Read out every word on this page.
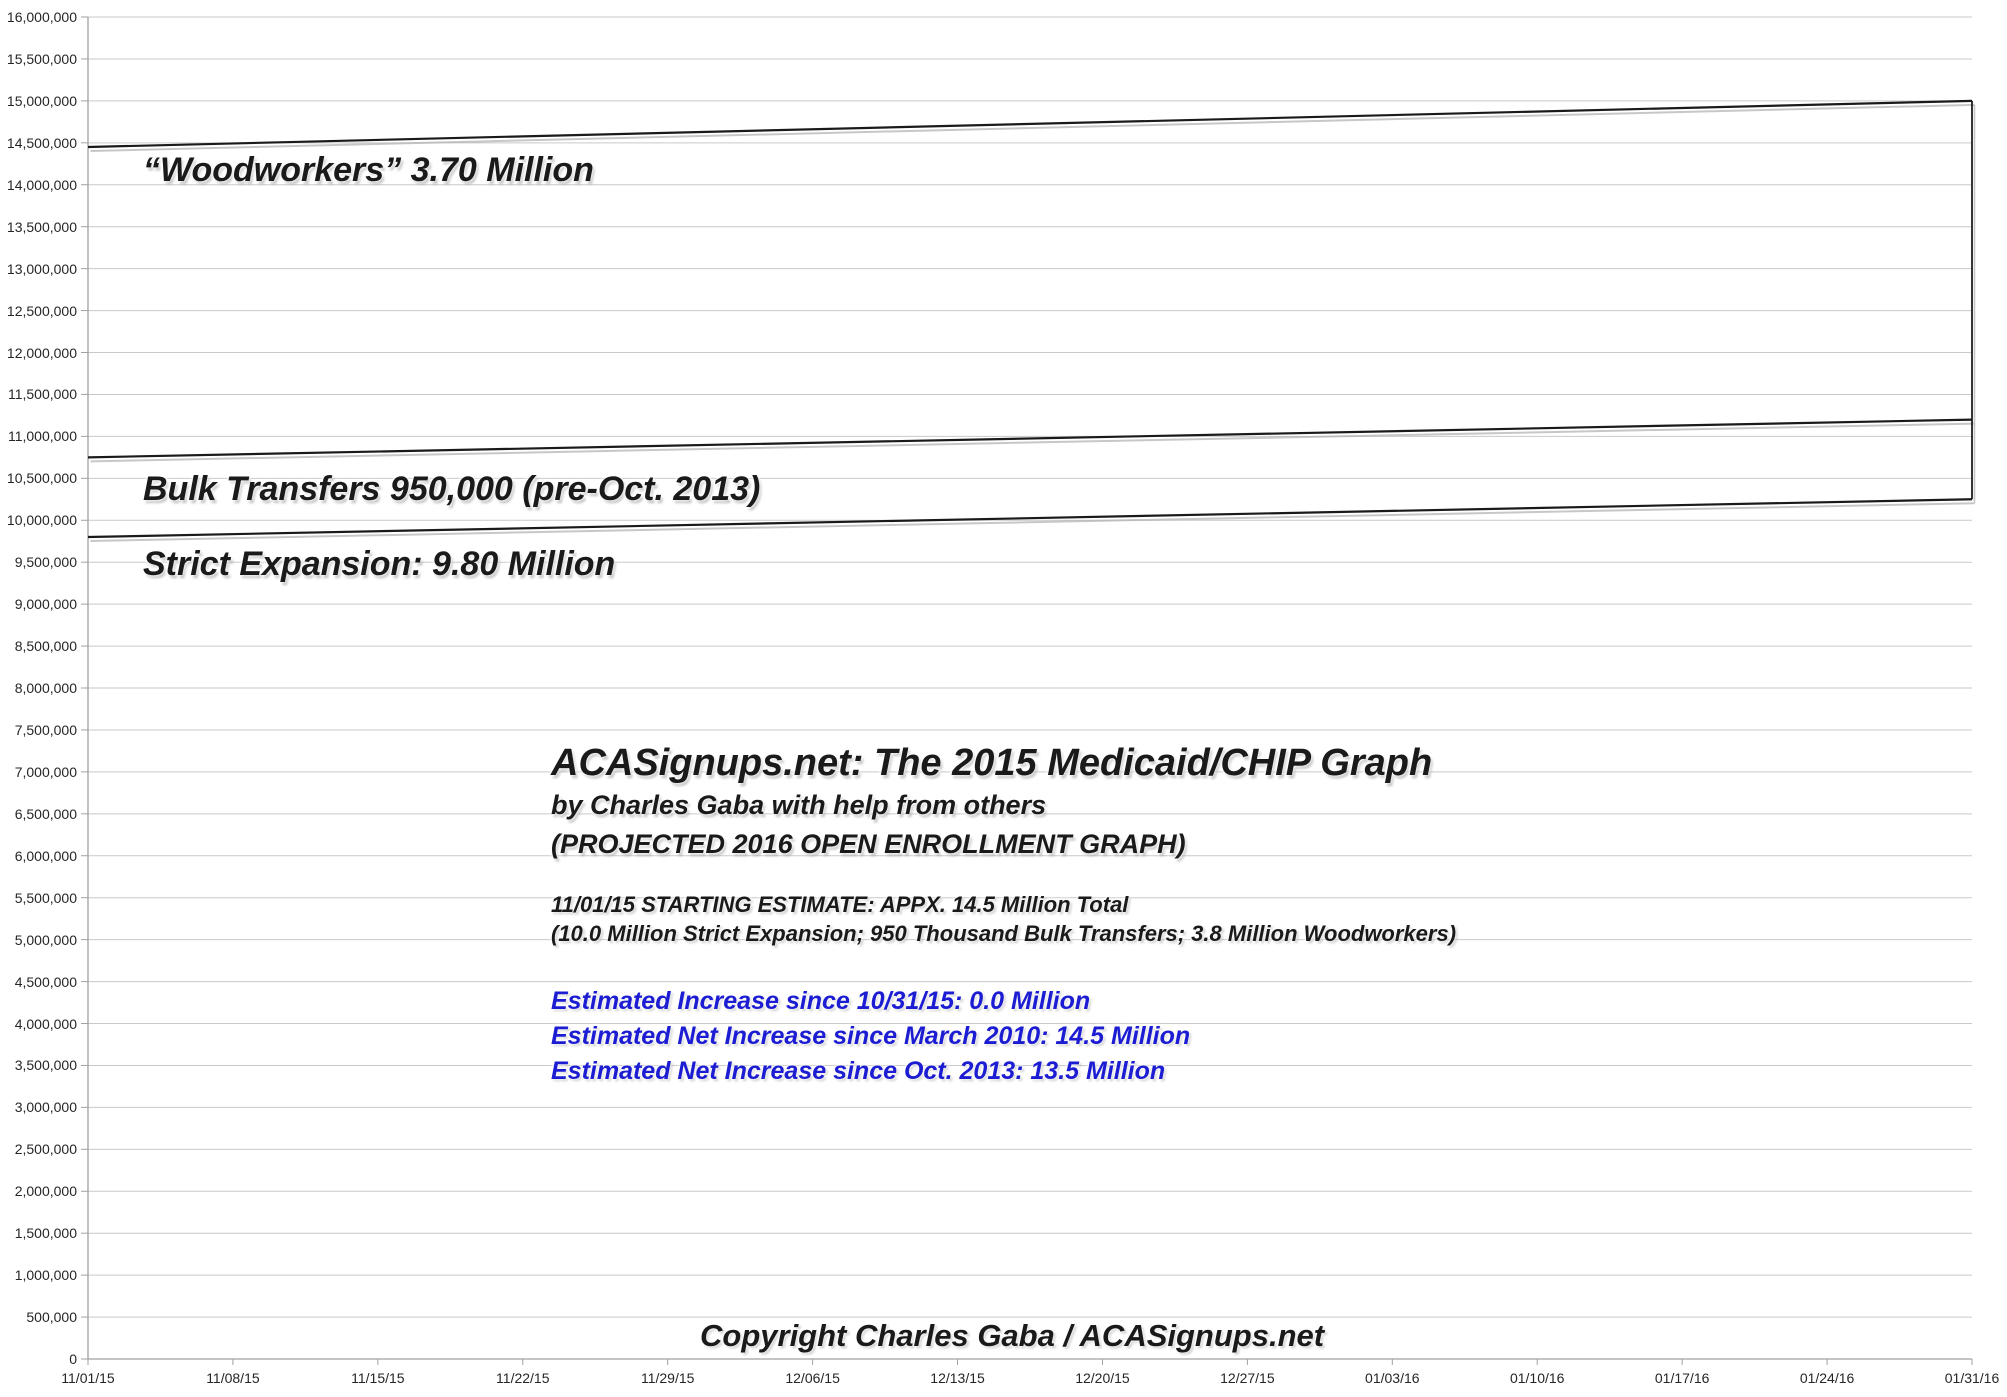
0
500,000
1,000,000
1,500,000
2,000,000
2,500,000
3,000,000
3,500,000
4,000,000
4,500,000
5,000,000
5,500,000
6,000,000
6,500,000
7,000,000
7,500,000
8,000,000
8,500,000
9,000,000
9,500,000
10,000,000
10,500,000
11,000,000
11,500,000
12,000,000
12,500,000
13,000,000
13,500,000
14,000,000
14,500,000
15,000,000
15,500,000
16,000,000
11/01/15	11/08/15	11/15/15	11/22/15	11/29/15	12/06/15	12/13/15	12/20/15	12/27/15	01/03/16	01/10/16	01/17/16	01/24/16	01/31/16
“Woodworkers” 3.70 Million
Bulk Transfers 950,000 (pre-Oct. 2013)
Strict Expansion: 9.80 Million
ACASignups.net: The 2015 Medicaid/CHIP Graph
by Charles Gaba with help from others
(PROJECTED 2016 OPEN ENROLLMENT GRAPH)
11/01/15 STARTING ESTIMATE: APPX. 14.5 Million Total
(10.0 Million Strict Expansion; 950 Thousand Bulk Transfers; 3.8 Million Woodworkers)
Estimated Increase since 10/31/15: 0.0 Million
Estimated Net Increase since March 2010: 14.5 Million
Estimated Net Increase since Oct. 2013: 13.5 Million
Copyright Charles Gaba / ACASignups.net
